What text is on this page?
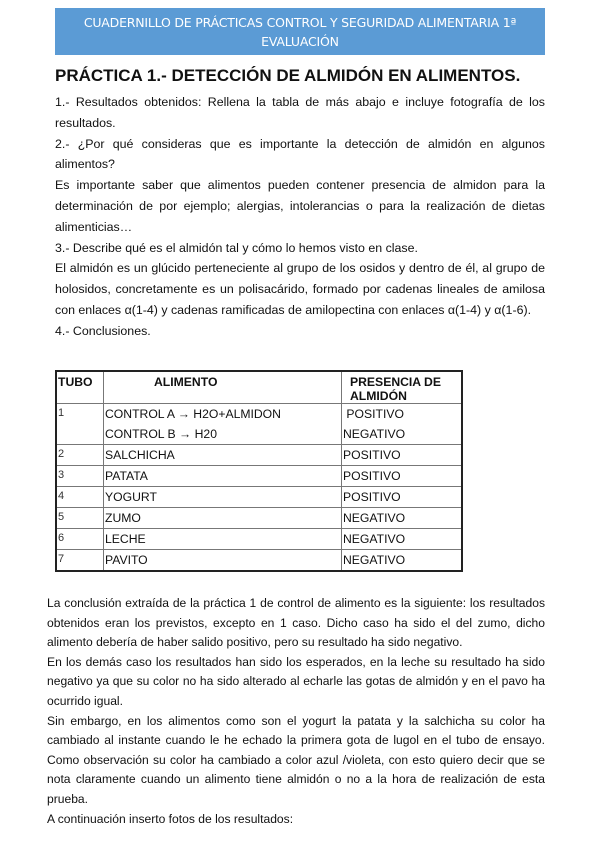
CUADERNILLO DE PRÁCTICAS CONTROL Y SEGURIDAD ALIMENTARIA 1ª
EVALUACIÓN
PRÁCTICA 1.- DETECCIÓN DE ALMIDÓN EN ALIMENTOS.

1.- Resultados obtenidos: Rellena la tabla de más abajo e incluye fotografía de los resultados.

2.- ¿Por qué consideras que es importante la detección de almidón en algunos alimentos?

Es importante saber que alimentos pueden contener presencia de almidon para la determinación de por ejemplo; alergias, intolerancias o para la realización de dietas alimenticias…

3.- Describe qué es el almidón tal y cómo lo hemos visto en clase.

El almidón es un glúcido perteneciente al grupo de los osidos y dentro de él, al grupo de holosidos, concretamente es un polisacárido, formado por cadenas lineales de amilosa con enlaces α(1-4) y cadenas ramificadas de amilopectina con enlaces α(1-4) y α(1-6).

4.- Conclusiones.

TUBO	ALIMENTO	PRESENCIA DE ALMIDÓN
1	CONTROL A → H2O+ALMIDON	POSITIVO
	CONTROL B → H20	NEGATIVO
2	SALCHICHA	POSITIVO
3	PATATA	POSITIVO
4	YOGURT	POSITIVO
5	ZUMO	NEGATIVO
6	LECHE	NEGATIVO
7	PAVITO	NEGATIVO

La conclusión extraída de la práctica 1 de control de alimento es la siguiente: los resultados obtenidos eran los previstos, excepto en 1 caso. Dicho caso ha sido el del zumo, dicho alimento debería de haber salido positivo, pero su resultado ha sido negativo.

En los demás caso los resultados han sido los esperados, en la leche su resultado ha sido negativo ya que su color no ha sido alterado al echarle las gotas de almidón y en el pavo ha ocurrido igual.

Sin embargo, en los alimentos como son el yogurt la patata y la salchicha su color ha cambiado al instante cuando le he echado la primera gota de lugol en el tubo de ensayo. Como observación su color ha cambiado a color azul /violeta, con esto quiero decir que se nota claramente cuando un alimento tiene almidón o no a la hora de realización de esta prueba.

A continuación inserto fotos de los resultados:
